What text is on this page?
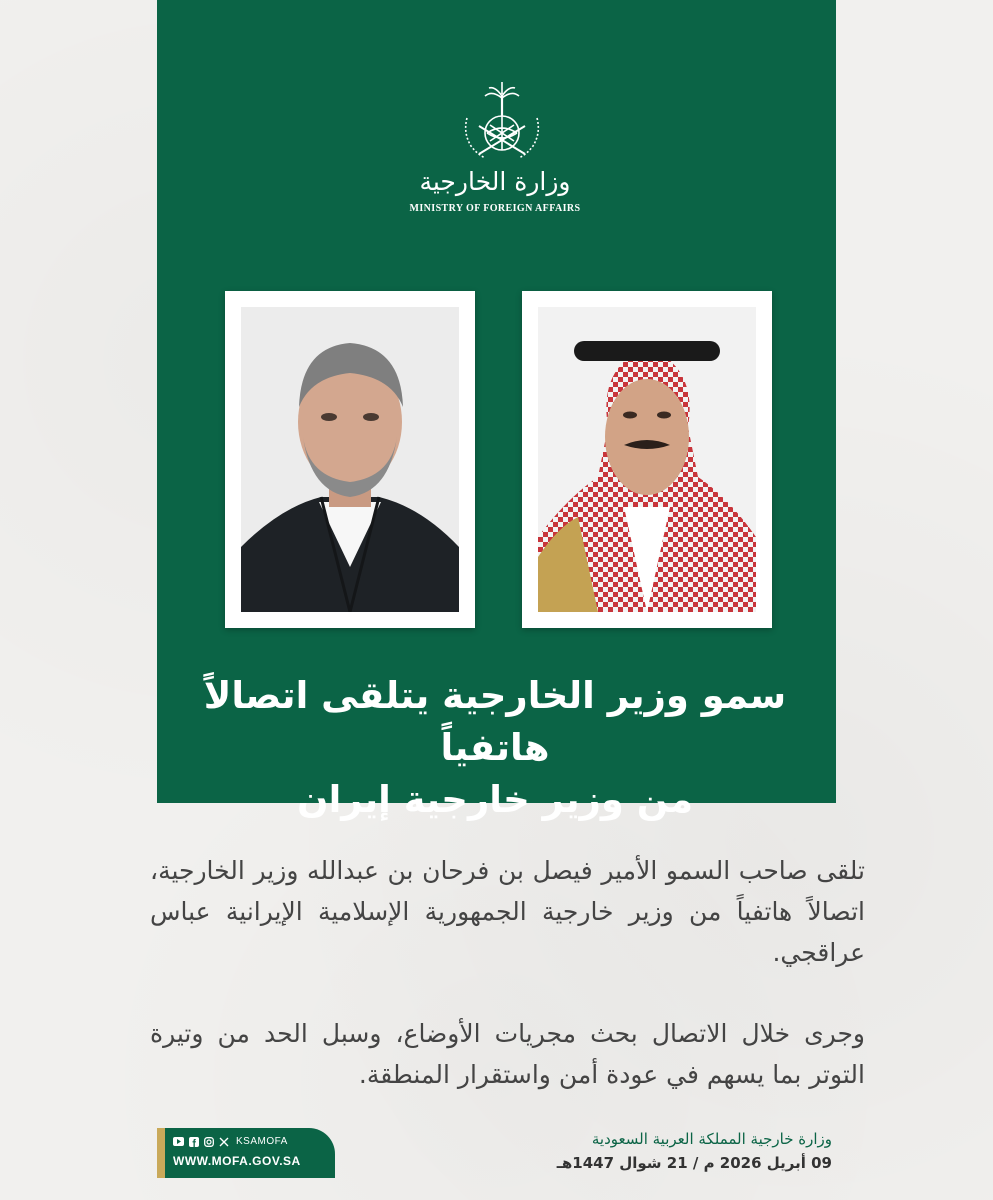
وزارة الخارجية
MINISTRY OF FOREIGN AFFAIRS
سمو وزير الخارجية يتلقى اتصالاً هاتفياً
من وزير خارجية إيران

تلقى صاحب السمو الأمير فيصل بن فرحان بن عبدالله وزير الخارجية، اتصالاً هاتفياً من وزير خارجية الجمهورية الإسلامية الإيرانية عباس عراقجي.

وجرى خلال الاتصال بحث مجريات الأوضاع، وسبل الحد من وتيرة التوتر بما يسهم في عودة أمن واستقرار المنطقة.

KSAMOFA
WWW.MOFA.GOV.SA
وزارة خارجية المملكة العربية السعودية
09 أبريل 2026 م / 21 شوال 1447هـ
